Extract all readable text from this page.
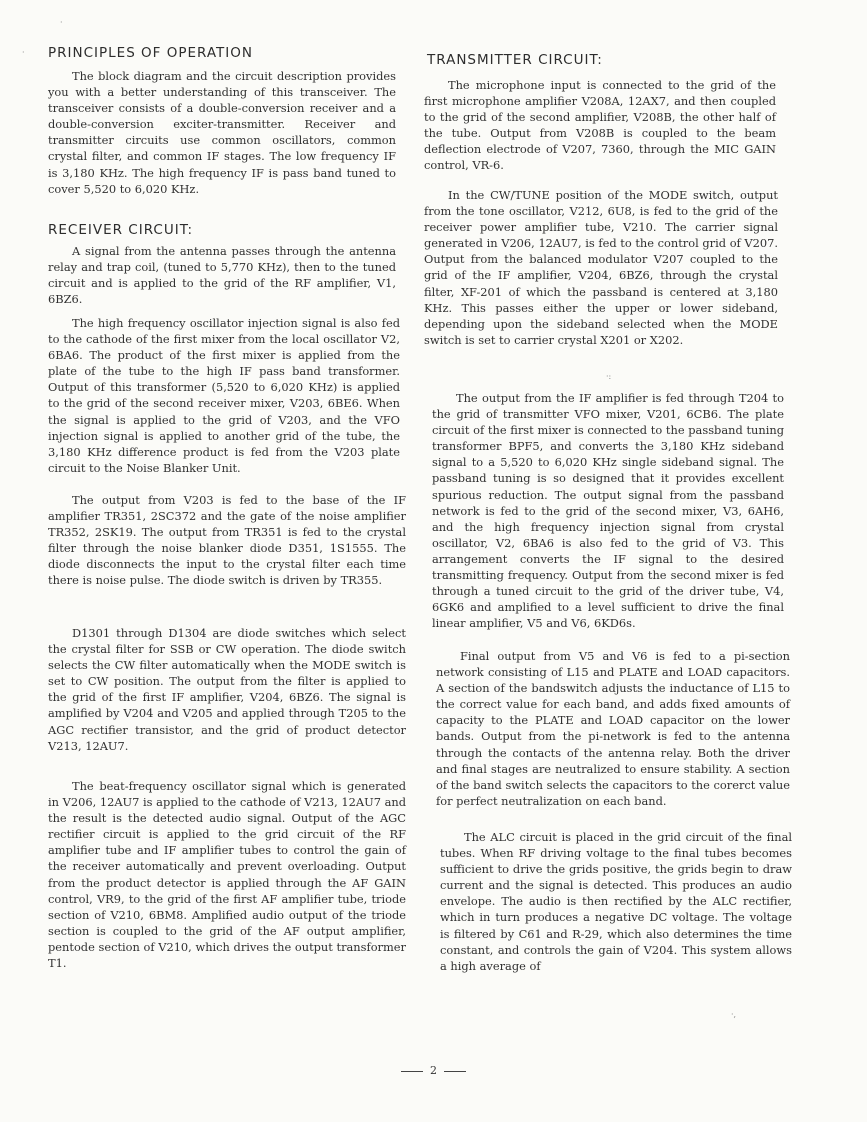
·
· PRINCIPLES OF OPERATION

The block diagram and the circuit description provides you with a better understanding of this transceiver. The transceiver consists of a double-conversion receiver and a double-conversion exciter-transmitter. Receiver and transmitter circuits use common oscillators, common crystal filter, and common IF stages. The low frequency IF is 3,180 KHz. The high frequency IF is pass band tuned to cover 5,520 to 6,020 KHz.

RECEIVER CIRCUIT:

A signal from the antenna passes through the antenna relay and trap coil, (tuned to 5,770 KHz), then to the tuned circuit and is applied to the grid of the RF amplifier, V1, 6BZ6.

The high frequency oscillator injection signal is also fed to the cathode of the first mixer from the local oscillator V2, 6BA6. The product of the first mixer is applied from the plate of the tube to the high IF pass band transformer. Output of this transformer (5,520 to 6,020 KHz) is applied to the grid of the second receiver mixer, V203, 6BE6. When the signal is applied to the grid of V203, and the VFO injection signal is applied to another grid of the tube, the 3,180 KHz difference product is fed from the V203 plate circuit to the Noise Blanker Unit.

The output from V203 is fed to the base of the IF amplifier TR351, 2SC372 and the gate of the noise amplifier TR352, 2SK19. The output from TR351 is fed to the crystal filter through the noise blanker diode D351, 1S1555. The diode disconnects the input to the crystal filter each time there is noise pulse. The diode switch is driven by TR355.

D1301 through D1304 are diode switches which select the crystal filter for SSB or CW operation. The diode switch selects the CW filter automatically when the MODE switch is set to CW position. The output from the filter is applied to the grid of the first IF amplifier, V204, 6BZ6. The signal is amplified by V204 and V205 and applied through T205 to the AGC rectifier transistor, and the grid of product detector V213, 12AU7.

The beat-frequency oscillator signal which is generated in V206, 12AU7 is applied to the cathode of V213, 12AU7 and the result is the detected audio signal. Output of the AGC rectifier circuit is applied to the grid circuit of the RF amplifier tube and IF amplifier tubes to control the gain of the receiver automatically and prevent overloading. Output from the product detector is applied through the AF GAIN control, VR9, to the grid of the first AF amplifier tube, triode section of V210, 6BM8. Amplified audio output of the triode section is coupled to the grid of the AF output amplifier, pentode section of V210, which drives the output transformer T1.

TRANSMITTER CIRCUIT:

The microphone input is connected to the grid of the first microphone amplifier V208A, 12AX7, and then coupled to the grid of the second amplifier, V208B, the other half of the tube. Output from V208B is coupled to the beam deflection electrode of V207, 7360, through the MIC GAIN control, VR-6.

In the CW/TUNE position of the MODE switch, output from the tone oscillator, V212, 6U8, is fed to the grid of the receiver power amplifier tube, V210. The carrier signal generated in V206, 12AU7, is fed to the control grid of V207. Output from the balanced modulator V207 coupled to the grid of the IF amplifier, V204, 6BZ6, through the crystal filter, XF-201 of which the passband is centered at 3,180 KHz. This passes either the upper or lower sideband, depending upon the sideband selected when the MODE switch is set to carrier crystal X201 or X202.

The output from the IF amplifier is fed through T204 to the grid of transmitter VFO mixer, V201, 6CB6. The plate circuit of the first mixer is connected to the passband tuning transformer BPF5, and converts the 3,180 KHz sideband signal to a 5,520 to 6,020 KHz single sideband signal. The passband tuning is so designed that it provides excellent spurious reduction. The output signal from the passband network is fed to the grid of the second mixer, V3, 6AH6, and the high frequency injection signal from crystal oscillator, V2, 6BA6 is also fed to the grid of V3. This arrangement converts the IF signal to the desired transmitting frequency. Output from the second mixer is fed through a tuned circuit to the grid of the driver tube, V4, 6GK6 and amplified to a level sufficient to drive the final linear amplifier, V5 and V6, 6KD6s.

Final output from V5 and V6 is fed to a pi-section network consisting of L15 and PLATE and LOAD capacitors. A section of the bandswitch adjusts the inductance of L15 to the correct value for each band, and adds fixed amounts of capacity to the PLATE and LOAD capacitor on the lower bands. Output from the pi-network is fed to the antenna through the contacts of the antenna relay. Both the driver and final stages are neutralized to ensure stability. A section of the band switch selects the capacitors to the corerct value for perfect neutralization on each band.

The ALC circuit is placed in the grid circuit of the final tubes. When RF driving voltage to the final tubes becomes sufficient to drive the grids positive, the grids begin to draw current and the signal is detected. This produces an audio envelope. The audio is then rectified by the ALC rectifier, which in turn produces a negative DC voltage. The voltage is filtered by C61 and R-29, which also determines the time constant, and controls the gain of V204. This system allows a high average of

·:
·,
2
